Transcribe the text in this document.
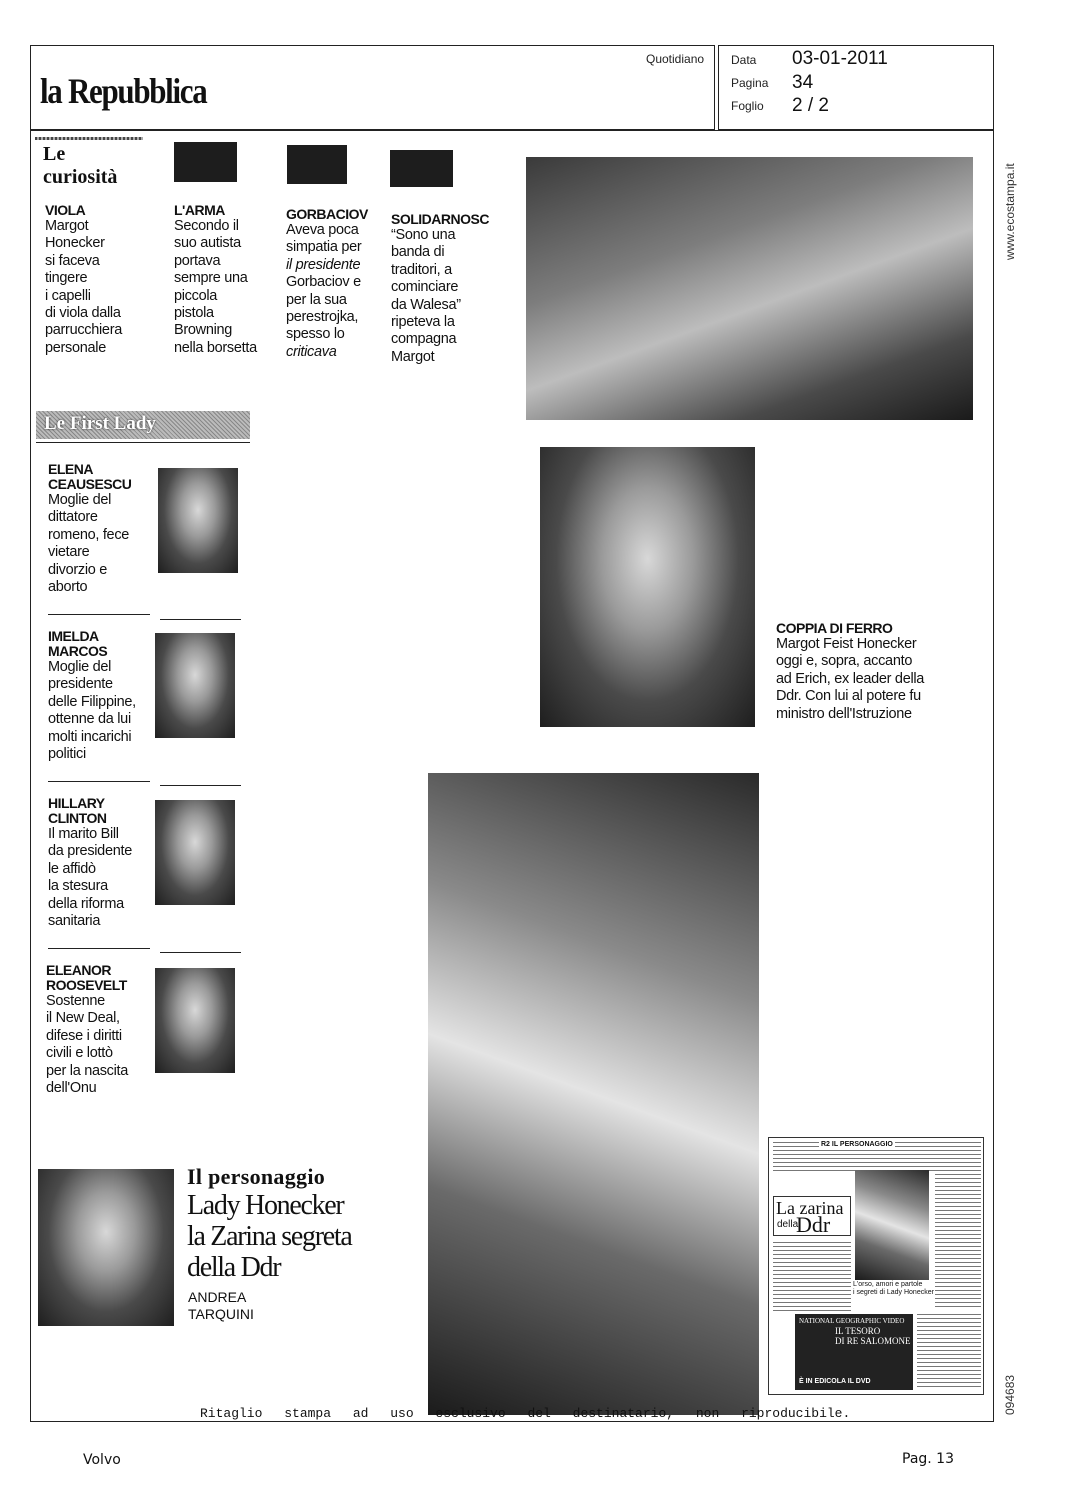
la Repubblica
Quotidiano Data 03-01-2011
Pagina 34
Foglio 2 / 2
www.ecostampa.it
094683
Le
curiosità
VIOLA
Margot
Honecker
si faceva
tingere
i capelli
di viola dalla
parrucchiera
personale
L'ARMA
Secondo il
suo autista
portava
sempre una
piccola
pistola
Browning
nella borsetta
GORBACIOV
Aveva poca
simpatia per
il presidente
Gorbaciov e
per la sua
perestrojka,
spesso lo
criticava
SOLIDARNOSC
“Sono una
banda di
traditori, a
cominciare
da Walesa”
ripeteva la
compagna
Margot
Le First Lady
ELENA
CEAUSESCU
Moglie del
dittatore
romeno, fece
vietare
divorzio e
aborto
IMELDA
MARCOS
Moglie del
presidente
delle Filippine,
ottenne da lui
molti incarichi
politici
HILLARY
CLINTON
Il marito Bill
da presidente
le affidò
la stesura
della riforma
sanitaria
ELEANOR
ROOSEVELT
Sostenne
il New Deal,
difese i diritti
civili e lottò
per la nascita
dell'Onu
COPPIA DI FERRO
Margot Feist Honecker
oggi e, sopra, accanto
ad Erich, ex leader della
Ddr. Con lui al potere fu
ministro dell'Istruzione
Il personaggio
Lady Honecker
la Zarina segreta
della Ddr
ANDREA
TARQUINI
R2 IL PERSONAGGIO
La zarina
della
Ddr
L'orso, amori e partole
i segreti di Lady Honecker
NATIONAL GEOGRAPHIC VIDEO
IL TESORO
DI RE SALOMONE
È IN EDICOLA IL DVD
Ritaglio stampa ad uso esclusivo del destinatario, non riproducibile.
Volvo	Pag. 13
